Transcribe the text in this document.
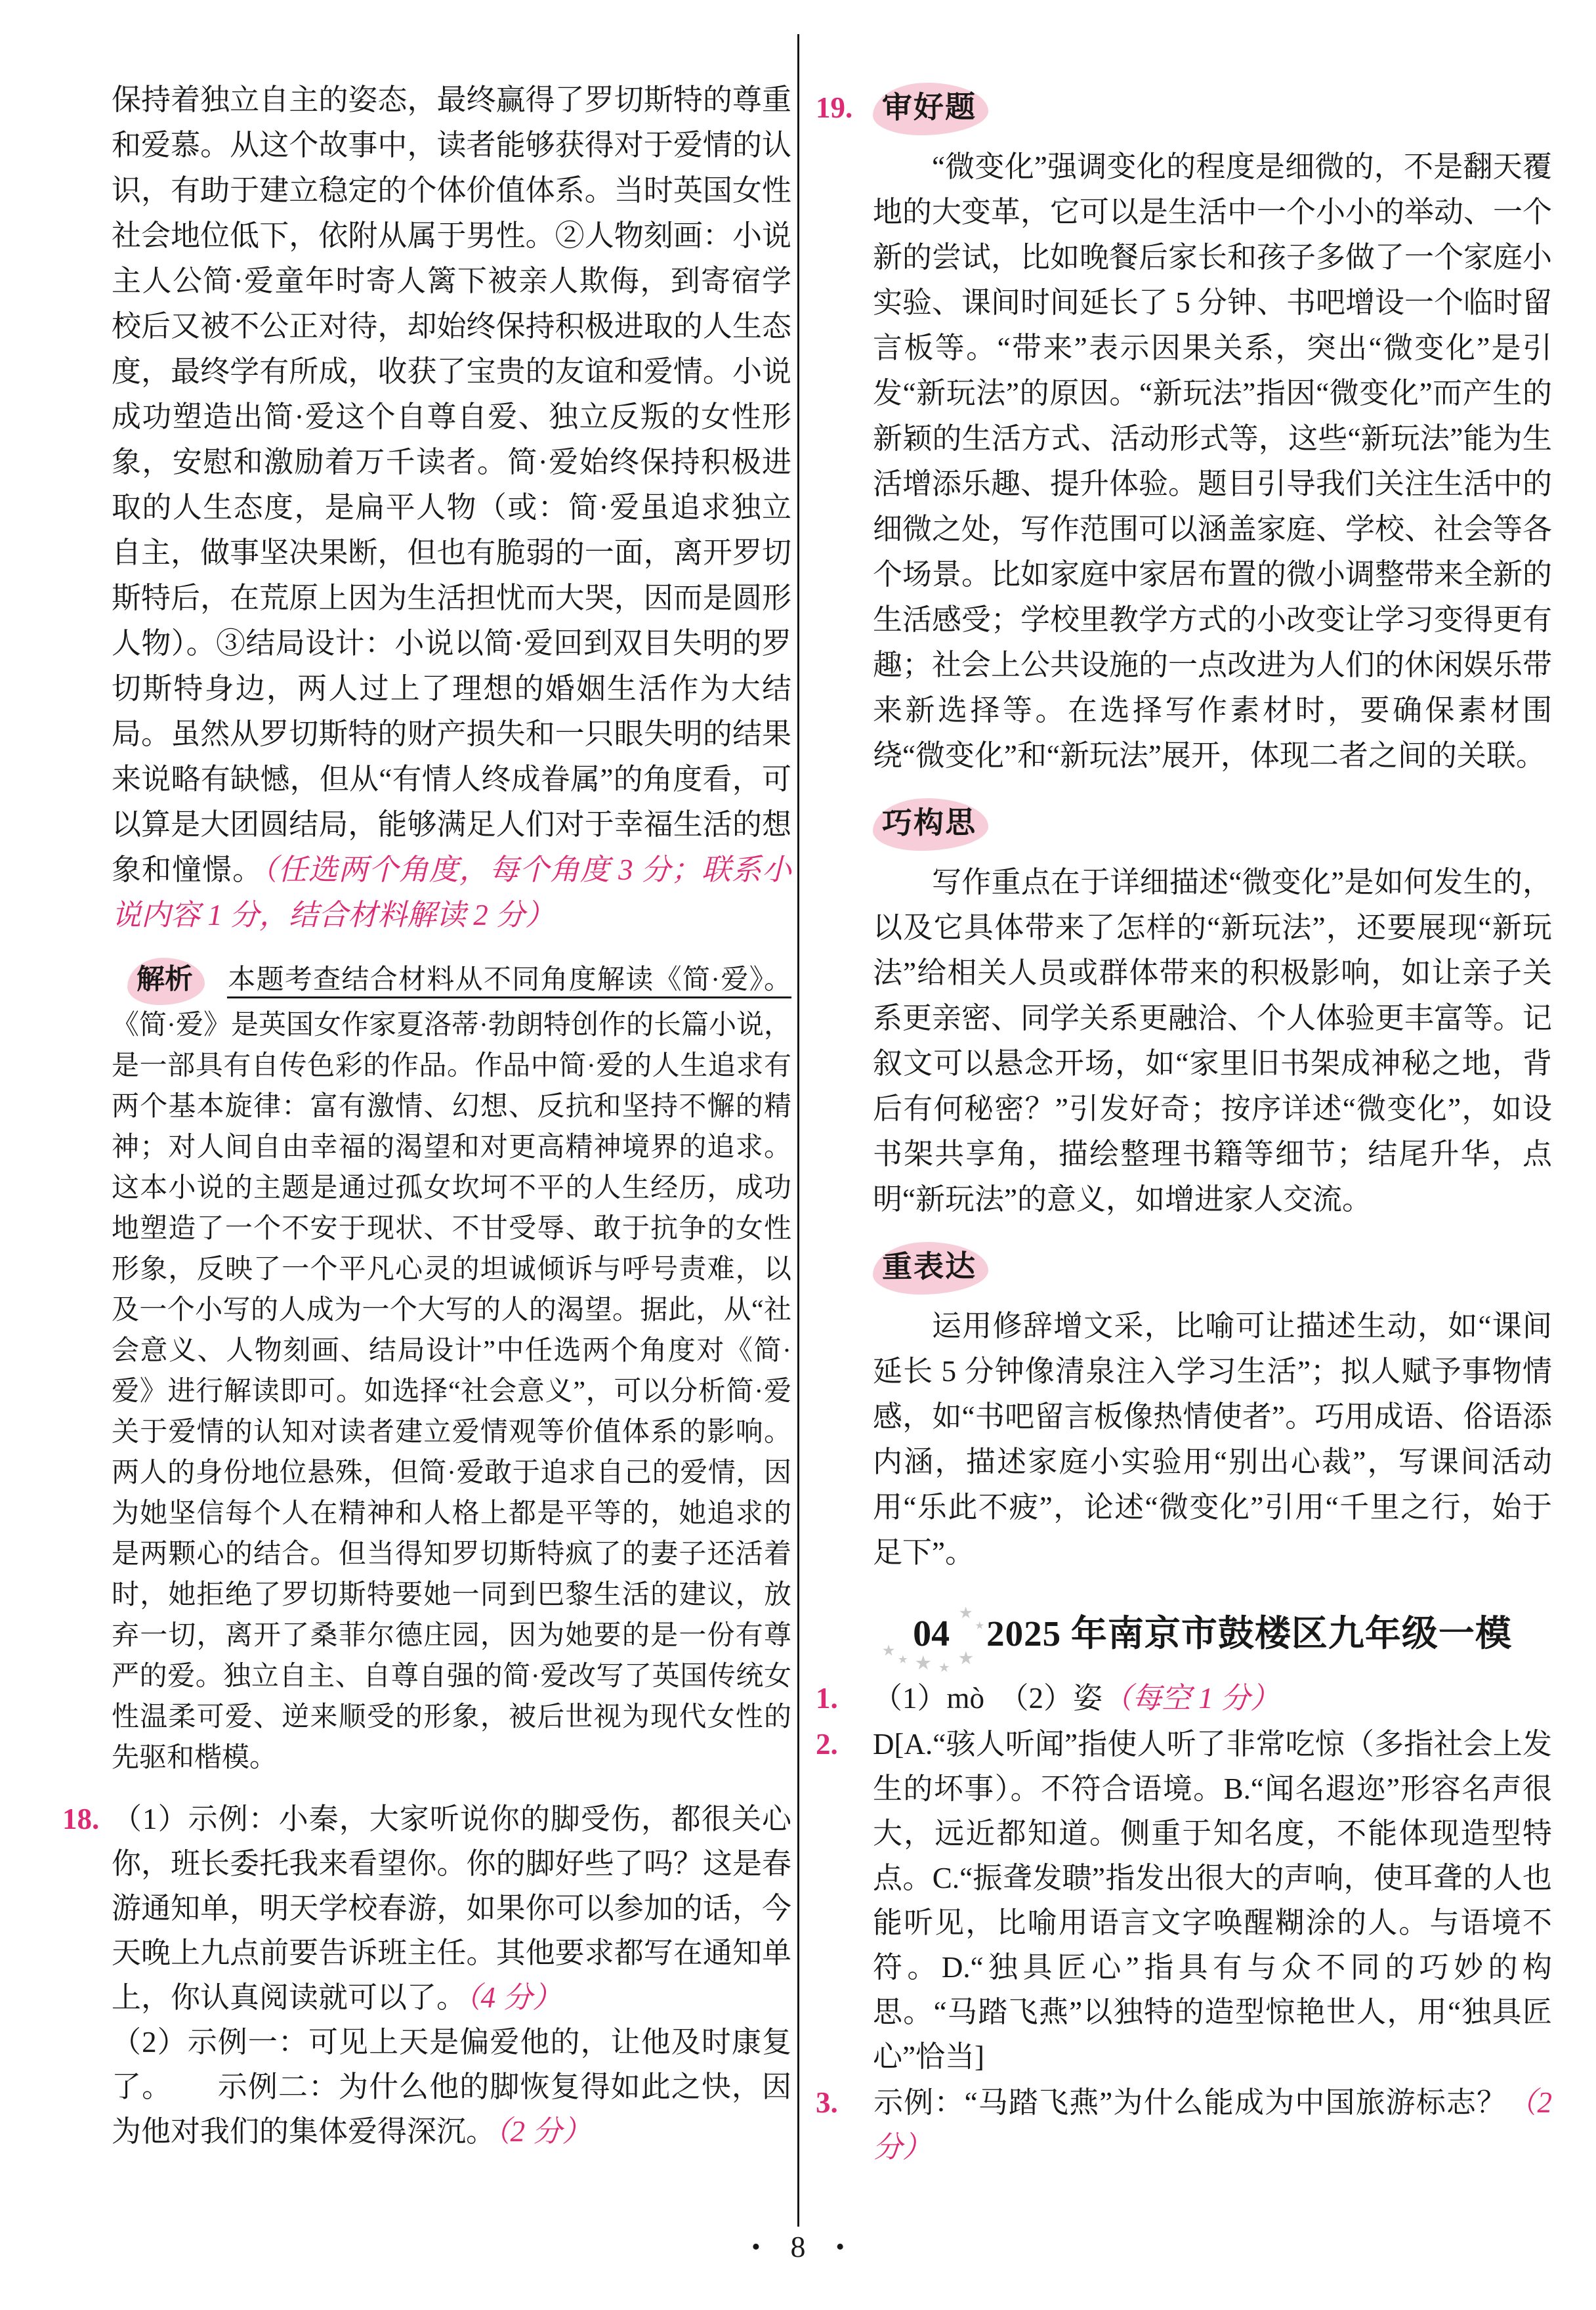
保持着独立自主的姿态，最终赢得了罗切斯特的尊重和爱慕。从这个故事中，读者能够获得对于爱情的认识，有助于建立稳定的个体价值体系。当时英国女性社会地位低下，依附从属于男性。②人物刻画：小说主人公简·爱童年时寄人篱下被亲人欺侮，到寄宿学校后又被不公正对待，却始终保持积极进取的人生态度，最终学有所成，收获了宝贵的友谊和爱情。小说成功塑造出简·爱这个自尊自爱、独立反叛的女性形象，安慰和激励着万千读者。简·爱始终保持积极进取的人生态度，是扁平人物（或：简·爱虽追求独立自主，做事坚决果断，但也有脆弱的一面，离开罗切斯特后，在荒原上因为生活担忧而大哭，因而是圆形人物）。③结局设计：小说以简·爱回到双目失明的罗切斯特身边，两人过上了理想的婚姻生活作为大结局。虽然从罗切斯特的财产损失和一只眼失明的结果来说略有缺憾，但从“有情人终成眷属”的角度看，可以算是大团圆结局，能够满足人们对于幸福生活的想象和憧憬。（任选两个角度，每个角度 3 分；联系小说内容 1 分，结合材料解读 2 分）

解析 本题考查结合材料从不同角度解读《简·爱》。《简·爱》是英国女作家夏洛蒂·勃朗特创作的长篇小说，是一部具有自传色彩的作品。作品中简·爱的人生追求有两个基本旋律：富有激情、幻想、反抗和坚持不懈的精神；对人间自由幸福的渴望和对更高精神境界的追求。这本小说的主题是通过孤女坎坷不平的人生经历，成功地塑造了一个不安于现状、不甘受辱、敢于抗争的女性形象，反映了一个平凡心灵的坦诚倾诉与呼号责难，以及一个小写的人成为一个大写的人的渴望。据此，从“社会意义、人物刻画、结局设计”中任选两个角度对《简·爱》进行解读即可。如选择“社会意义”，可以分析简·爱关于爱情的认知对读者建立爱情观等价值体系的影响。两人的身份地位悬殊，但简·爱敢于追求自己的爱情，因为她坚信每个人在精神和人格上都是平等的，她追求的是两颗心的结合。但当得知罗切斯特疯了的妻子还活着时，她拒绝了罗切斯特要她一同到巴黎生活的建议，放弃一切，离开了桑菲尔德庄园，因为她要的是一份有尊严的爱。独立自主、自尊自强的简·爱改写了英国传统女性温柔可爱、逆来顺受的形象，被后世视为现代女性的先驱和楷模。

18. （1）示例：小秦，大家听说你的脚受伤，都很关心你，班长委托我来看望你。你的脚好些了吗？这是春游通知单，明天学校春游，如果你可以参加的话，今天晚上九点前要告诉班主任。其他要求都写在通知单上，你认真阅读就可以了。（4 分）

（2）示例一：可见上天是偏爱他的，让他及时康复了。　　示例二：为什么他的脚恢复得如此之快，因为他对我们的集体爱得深沉。（2 分）

19. 审好题

“微变化”强调变化的程度是细微的，不是翻天覆地的大变革，它可以是生活中一个小小的举动、一个新的尝试，比如晚餐后家长和孩子多做了一个家庭小实验、课间时间延长了 5 分钟、书吧增设一个临时留言板等。“带来”表示因果关系，突出“微变化”是引发“新玩法”的原因。“新玩法”指因“微变化”而产生的新颖的生活方式、活动形式等，这些“新玩法”能为生活增添乐趣、提升体验。题目引导我们关注生活中的细微之处，写作范围可以涵盖家庭、学校、社会等各个场景。比如家庭中家居布置的微小调整带来全新的生活感受；学校里教学方式的小改变让学习变得更有趣；社会上公共设施的一点改进为人们的休闲娱乐带来新选择等。在选择写作素材时，要确保素材围绕“微变化”和“新玩法”展开，体现二者之间的关联。

巧构思

写作重点在于详细描述“微变化”是如何发生的，以及它具体带来了怎样的“新玩法”，还要展现“新玩法”给相关人员或群体带来的积极影响，如让亲子关系更亲密、同学关系更融洽、个人体验更丰富等。记叙文可以悬念开场，如“家里旧书架成神秘之地，背后有何秘密？”引发好奇；按序详述“微变化”，如设书架共享角，描绘整理书籍等细节；结尾升华，点明“新玩法”的意义，如增进家人交流。

重表达

运用修辞增文采，比喻可让描述生动，如“课间延长 5 分钟像清泉注入学习生活”；拟人赋予事物情感，如“书吧留言板像热情使者”。巧用成语、俗语添内涵，描述家庭小实验用“别出心裁”，写课间活动用“乐此不疲”，论述“微变化”引用“千里之行，始于足下”。

★
★ ★ ★
★
★
★
04 2025 年南京市鼓楼区九年级一模

1. （1）mò　（2）姿（每空 1 分）

2. D[A.“骇人听闻”指使人听了非常吃惊（多指社会上发生的坏事）。不符合语境。B.“闻名遐迩”形容名声很大，远近都知道。侧重于知名度，不能体现造型特点。C.“振聋发聩”指发出很大的声响，使耳聋的人也能听见，比喻用语言文字唤醒糊涂的人。与语境不符。D.“独具匠心”指具有与众不同的巧妙的构思。“马踏飞燕”以独特的造型惊艳世人，用“独具匠心”恰当]

3. 示例：“马踏飞燕”为什么能成为中国旅游标志？（2 分）

• 8 •
